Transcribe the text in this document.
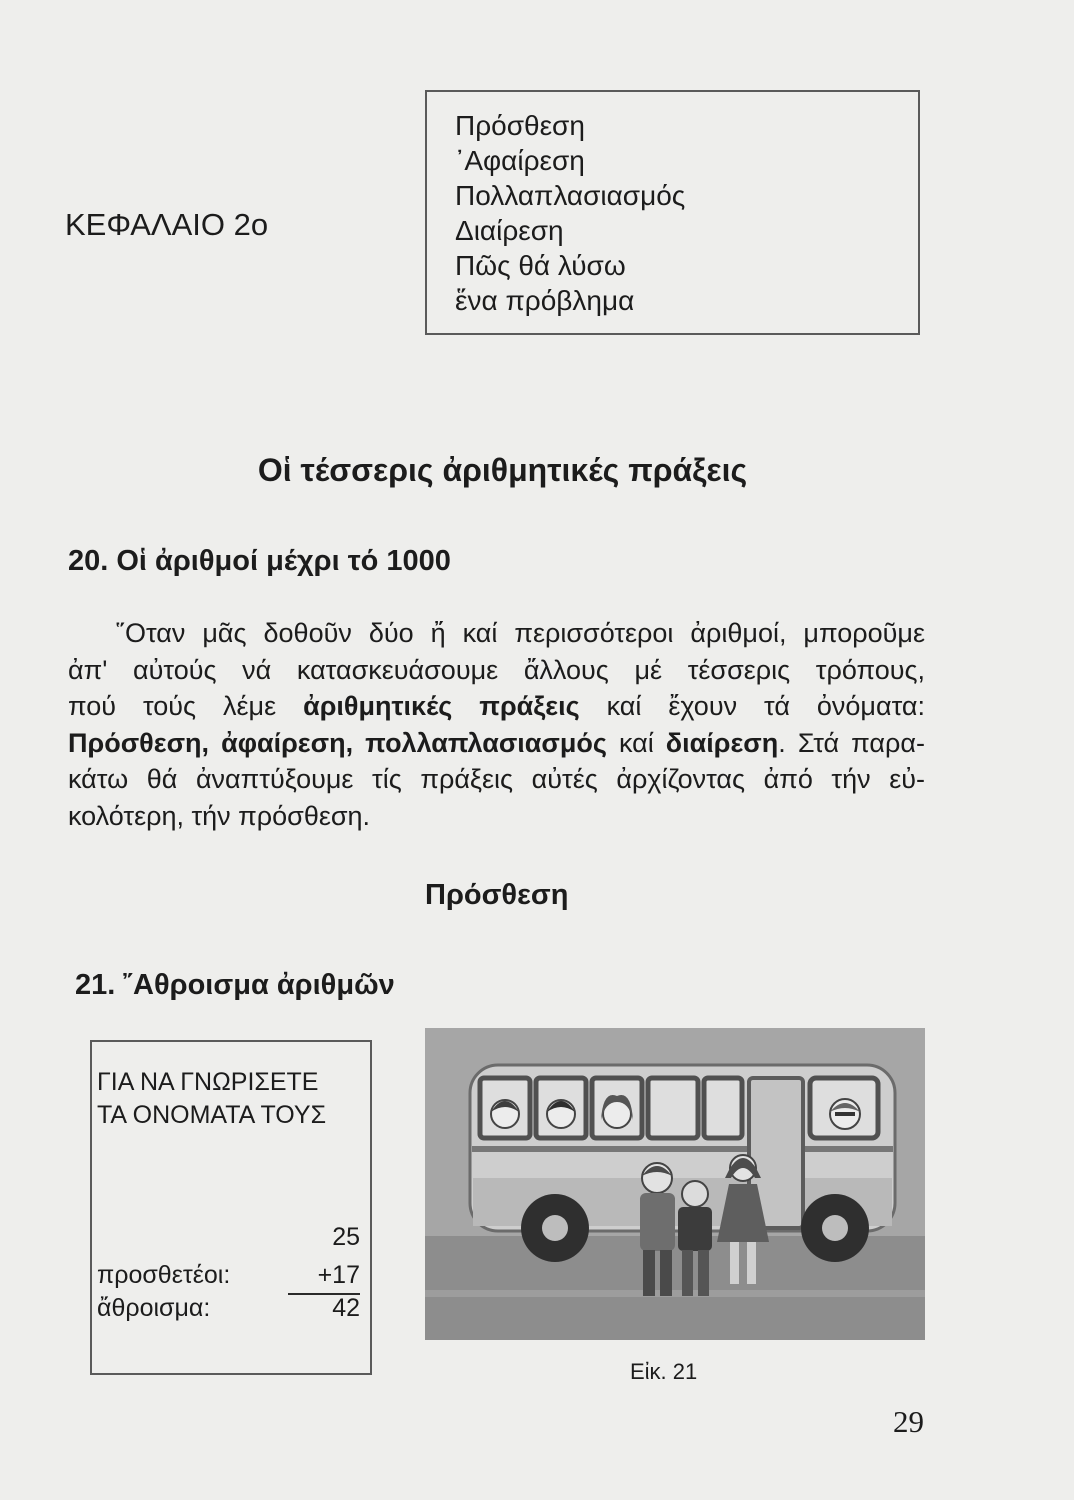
ΚΕΦΑΛΑΙΟ 2ο
Πρόσθεση
᾿Αφαίρεση
Πολλαπλασιασμός
Διαίρεση
Πῶς θά λύσω
ἕνα πρόβλημα
Οἱ τέσσερις ἀριθμητικές πράξεις
20. Οἱ ἀριθμοί μέχρι τό 1000
῞Οταν μᾶς δοθοῦν δύο ἤ καί περισσότεροι ἀριθμοί, μποροῦμε
ἀπ' αὐτούς νά κατασκευάσουμε ἄλλους μέ τέσσερις τρόπους,
πού τούς λέμε ἀριθμητικές πράξεις καί ἔχουν τά ὀνόματα:
Πρόσθεση, ἀφαίρεση, πολλαπλασιασμός καί διαίρεση. Στά παρα-
κάτω θά ἀναπτύξουμε τίς πράξεις αὐτές ἀρχίζοντας ἀπό τήν εὐ-
κολότερη, τήν πρόσθεση.
Πρόσθεση
21. ῎Αθροισμα ἀριθμῶν
ΓΙΑ ΝΑ ΓΝΩΡΙΣΕΤΕ
ΤΑ ΟΝΟΜΑΤΑ ΤΟΥΣ
25
προσθετέοι:	+17
ἄθροισμα:	42
Εἰκ. 21
29
